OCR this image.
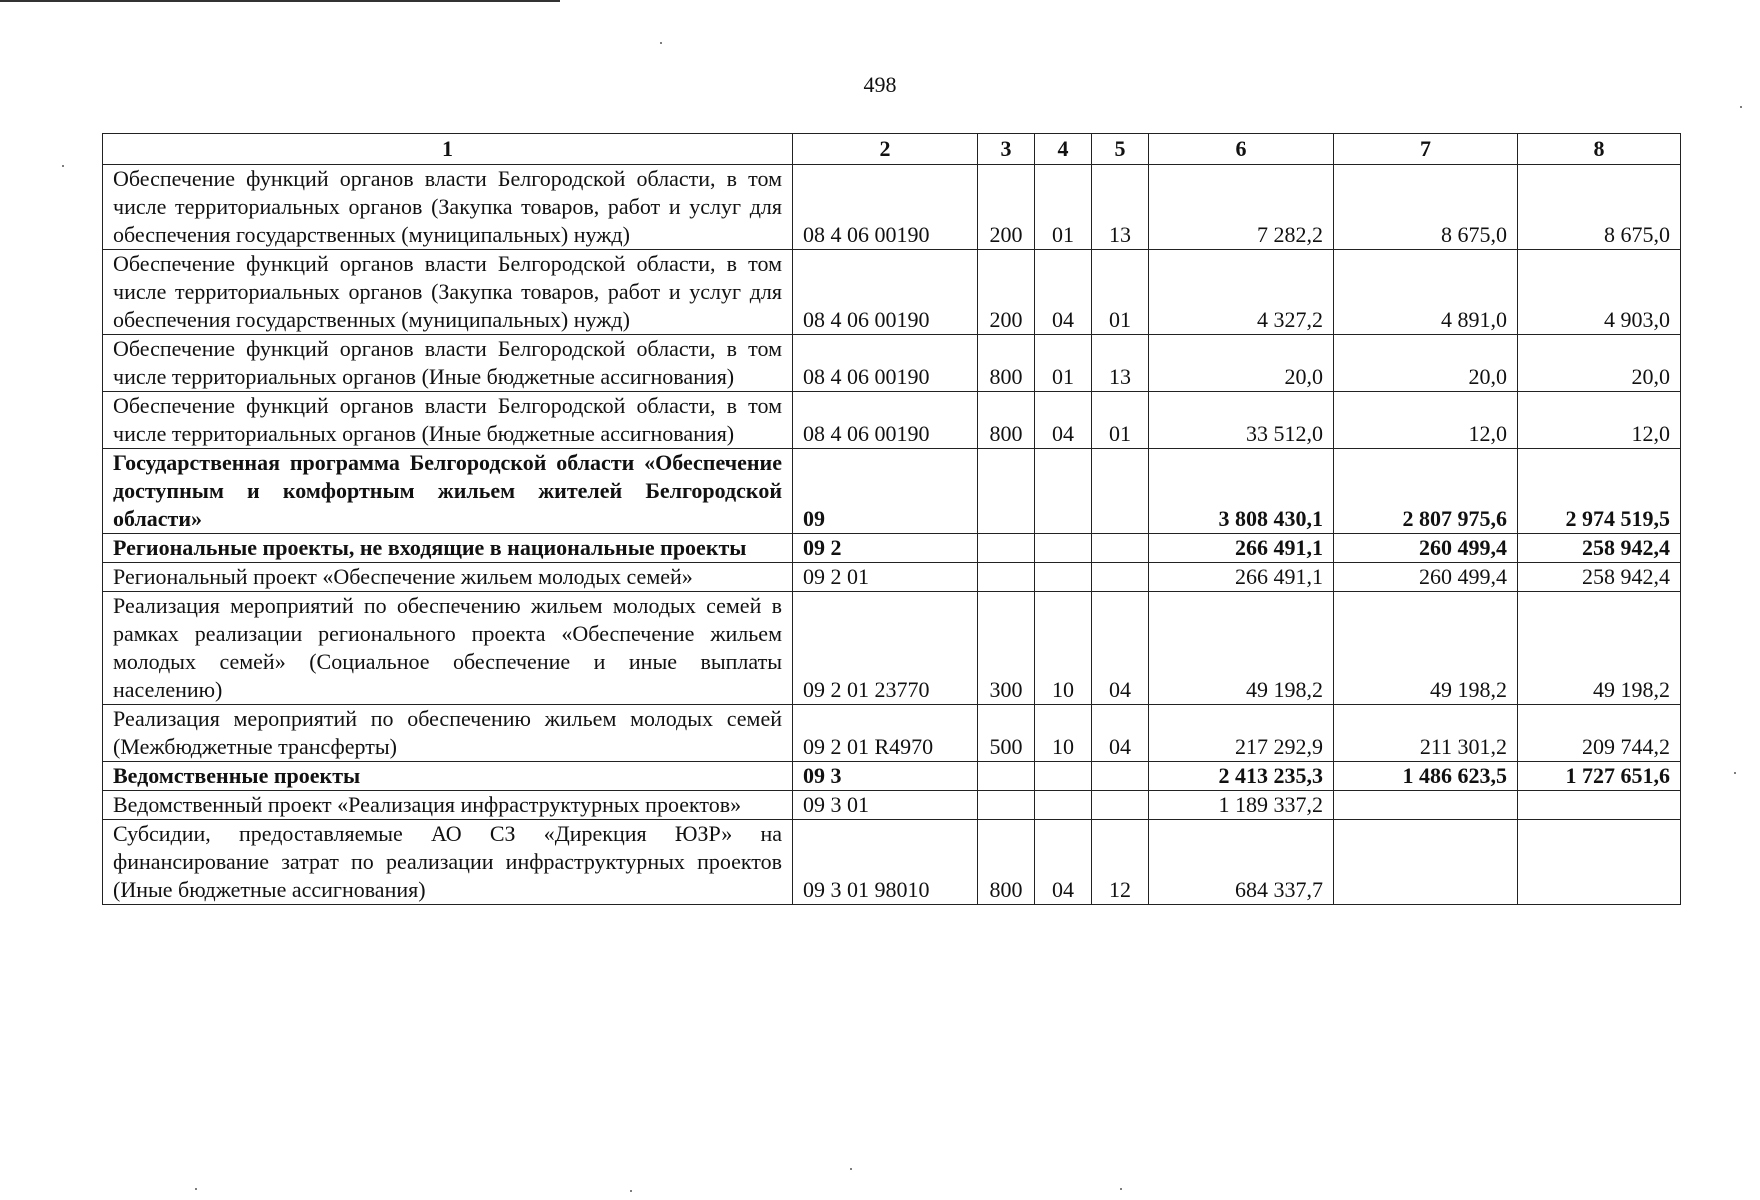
498
1	2	3	4	5	6	7	8
Обеспечение функций органов власти Белгородской области, в том числе территориальных органов (Закупка товаров, работ и услуг для обеспечения государственных (муниципальных) нужд)	08 4 06 00190	200	01	13	7 282,2	8 675,0	8 675,0
Обеспечение функций органов власти Белгородской области, в том числе территориальных органов (Закупка товаров, работ и услуг для обеспечения государственных (муниципальных) нужд)	08 4 06 00190	200	04	01	4 327,2	4 891,0	4 903,0
Обеспечение функций органов власти Белгородской области, в том числе территориальных органов (Иные бюджетные ассигнования)	08 4 06 00190	800	01	13	20,0	20,0	20,0
Обеспечение функций органов власти Белгородской области, в том числе территориальных органов (Иные бюджетные ассигнования)	08 4 06 00190	800	04	01	33 512,0	12,0	12,0
Государственная программа Белгородской области «Обеспечение доступным и комфортным жильем жителей Белгородской области»	09				3 808 430,1	2 807 975,6	2 974 519,5
Региональные проекты, не входящие в национальные проекты	09 2				266 491,1	260 499,4	258 942,4
Региональный проект «Обеспечение жильем молодых семей»	09 2 01				266 491,1	260 499,4	258 942,4
Реализация мероприятий по обеспечению жильем молодых семей в рамках реализации регионального проекта «Обеспечение жильем молодых семей» (Социальное обеспечение и иные выплаты населению)	09 2 01 23770	300	10	04	49 198,2	49 198,2	49 198,2
Реализация мероприятий по обеспечению жильем молодых семей (Межбюджетные трансферты)	09 2 01 R4970	500	10	04	217 292,9	211 301,2	209 744,2
Ведомственные проекты	09 3				2 413 235,3	1 486 623,5	1 727 651,6
Ведомственный проект «Реализация инфраструктурных проектов»	09 3 01				1 189 337,2		
Субсидии, предоставляемые АО СЗ «Дирекция ЮЗР» на финансирование затрат по реализации инфраструктурных проектов (Иные бюджетные ассигнования)	09 3 01 98010	800	04	12	684 337,7		
